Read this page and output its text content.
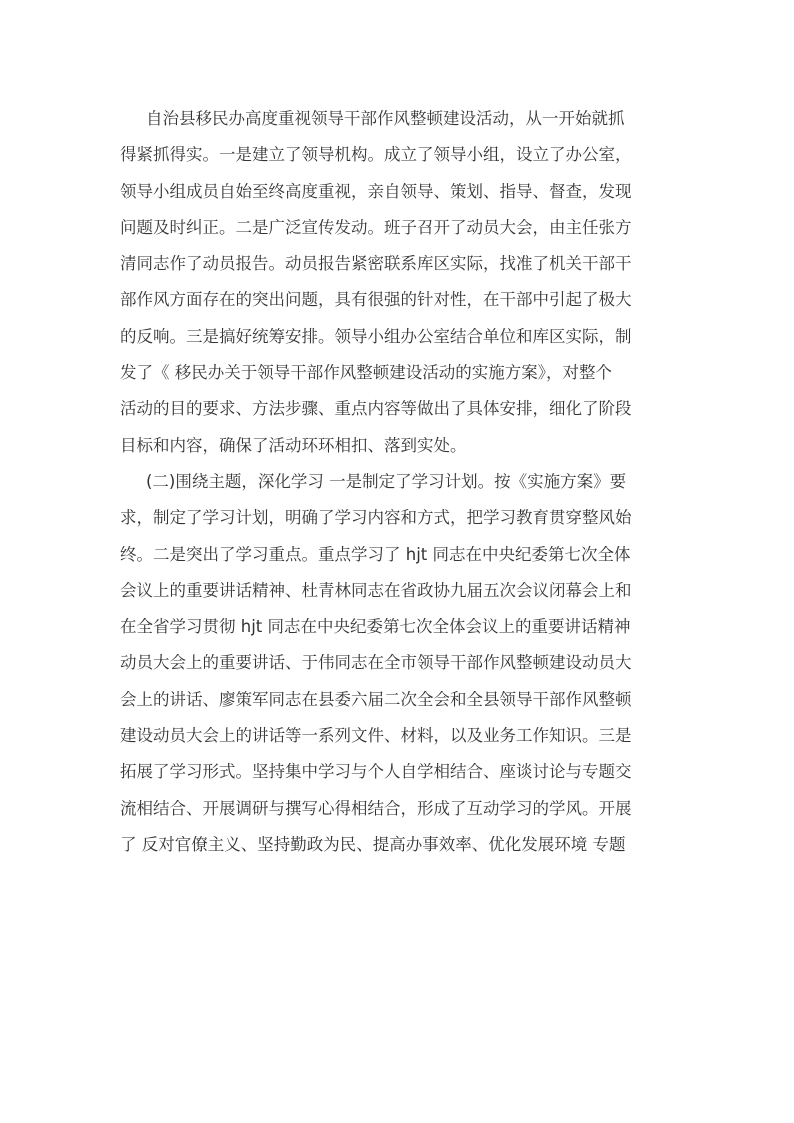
自治县移民办高度重视领导干部作风整顿建设活动，从一开始就抓
得紧抓得实。一是建立了领导机构。成立了领导小组，设立了办公室，
领导小组成员自始至终高度重视，亲自领导、策划、指导、督查，发现
问题及时纠正。二是广泛宣传发动。班子召开了动员大会，由主任张方
清同志作了动员报告。动员报告紧密联系库区实际，找准了机关干部干
部作风方面存在的突出问题，具有很强的针对性，在干部中引起了极大
的反响。三是搞好统筹安排。领导小组办公室结合单位和库区实际，制
发了《 移民办关于领导干部作风整顿建设活动的实施方案》，对整个
活动的目的要求、方法步骤、重点内容等做出了具体安排，细化了阶段
目标和内容，确保了活动环环相扣、落到实处。
(二)围绕主题，深化学习 一是制定了学习计划。按《实施方案》要
求，制定了学习计划，明确了学习内容和方式，把学习教育贯穿整风始
终。二是突出了学习重点。重点学习了 hjt 同志在中央纪委第七次全体
会议上的重要讲话精神、杜青林同志在省政协九届五次会议闭幕会上和
在全省学习贯彻 hjt 同志在中央纪委第七次全体会议上的重要讲话精神
动员大会上的重要讲话、于伟同志在全市领导干部作风整顿建设动员大
会上的讲话、廖策军同志在县委六届二次全会和全县领导干部作风整顿
建设动员大会上的讲话等一系列文件、材料，以及业务工作知识。三是
拓展了学习形式。坚持集中学习与个人自学相结合、座谈讨论与专题交
流相结合、开展调研与撰写心得相结合，形成了互动学习的学风。开展
了 反对官僚主义、坚持勤政为民、提高办事效率、优化发展环境 专题
